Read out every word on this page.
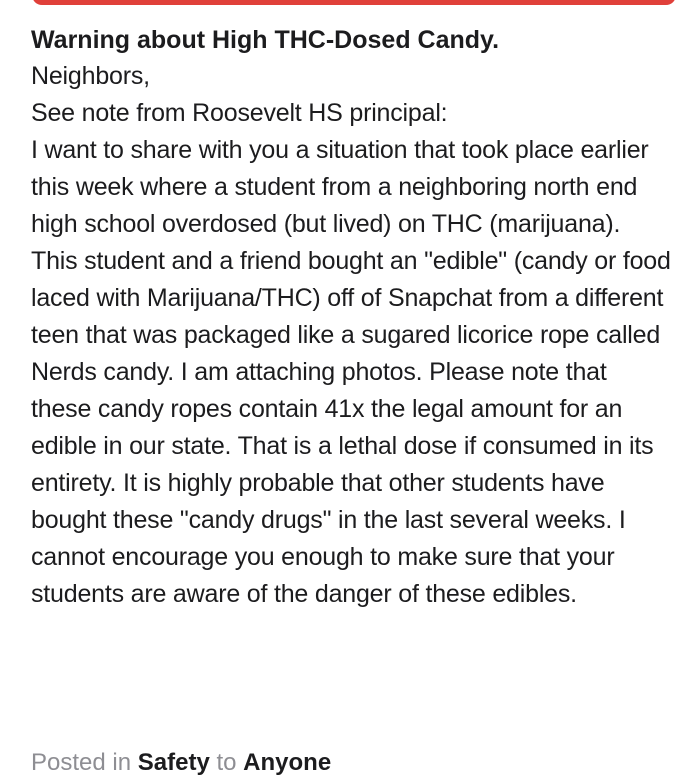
Warning about High THC-Dosed Candy.

Neighbors,

See note from Roosevelt HS principal:

I want to share with you a situation that took place earlier this week where a student from a neighboring north end high school overdosed (but lived) on THC (marijuana). This student and a friend bought an "edible" (candy or food laced with Marijuana/THC) off of Snapchat from a different teen that was packaged like a sugared licorice rope called Nerds candy. I am attaching photos. Please note that these candy ropes contain 41x the legal amount for an edible in our state. That is a lethal dose if consumed in its entirety. It is highly probable that other students have bought these "candy drugs" in the last several weeks. I cannot encourage you enough to make sure that your students are aware of the danger of these edibles.

Posted in Safety to Anyone
